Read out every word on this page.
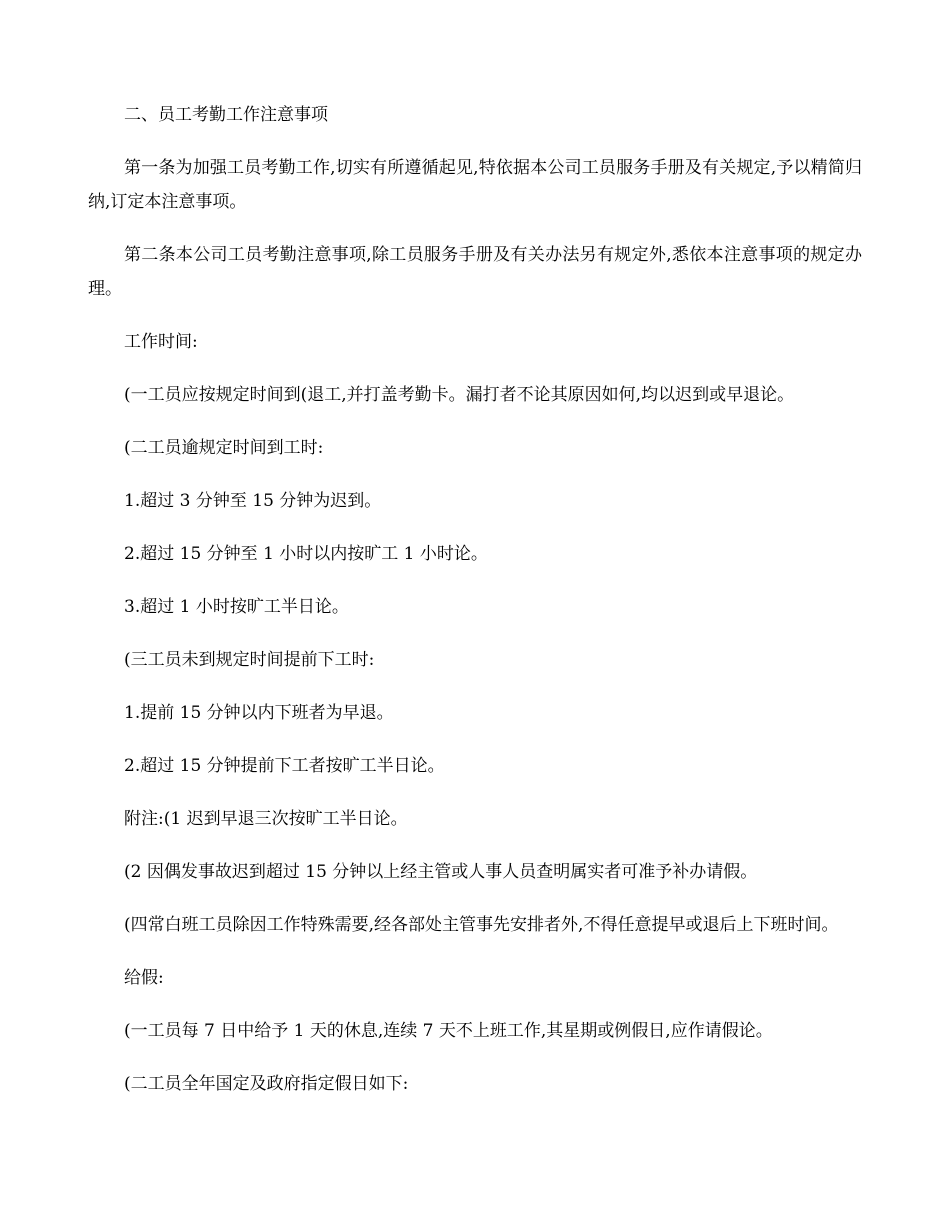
二、员工考勤工作注意事项

第一条为加强工员考勤工作,切实有所遵循起见,特依据本公司工员服务手册及有关规定,予以精简归纳,订定本注意事项。

第二条本公司工员考勤注意事项,除工员服务手册及有关办法另有规定外,悉依本注意事项的规定办理。

工作时间:

(一工员应按规定时间到(退工,并打盖考勤卡。漏打者不论其原因如何,均以迟到或早退论。

(二工员逾规定时间到工时:

1.超过 3 分钟至 15 分钟为迟到。

2.超过 15 分钟至 1 小时以内按旷工 1 小时论。

3.超过 1 小时按旷工半日论。

(三工员未到规定时间提前下工时:

1.提前 15 分钟以内下班者为早退。

2.超过 15 分钟提前下工者按旷工半日论。

附注:(1 迟到早退三次按旷工半日论。

(2 因偶发事故迟到超过 15 分钟以上经主管或人事人员查明属实者可准予补办请假。

(四常白班工员除因工作特殊需要,经各部处主管事先安排者外,不得任意提早或退后上下班时间。

给假:

(一工员每 7 日中给予 1 天的休息,连续 7 天不上班工作,其星期或例假日,应作请假论。

(二工员全年国定及政府指定假日如下:
